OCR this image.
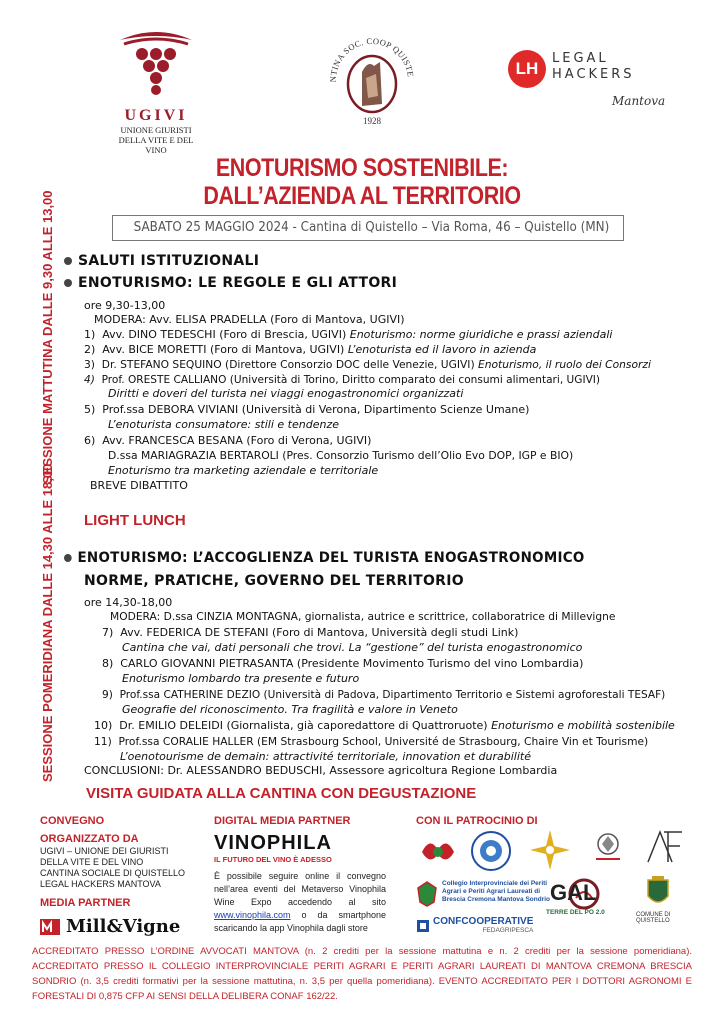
UGIVI
UNIONE GIURISTI
DELLA VITE E DEL VINO
NTINA SOC. COOP QUISTE
1928
LH
LEGAL
HACKERS
Mantova
ENOTURISMO SOSTENIBILE:
DALL’AZIENDA AL TERRITORIO
SABATO 25 MAGGIO 2024 - Cantina di Quistello – Via Roma, 46 – Quistello (MN)
SESSIONE MATTUTINA DALLE 9,30 ALLE 13,00
SESSIONE POMERIDIANA DALLE 14,30 ALLE 18,00
SALUTI ISTITUZIONALI
ENOTURISMO: LE REGOLE E GLI ATTORI
ore 9,30-13,00
MODERA: Avv. ELISA PRADELLA (Foro di Mantova, UGIVI)
1) Avv. DINO TEDESCHI (Foro di Brescia, UGIVI) Enoturismo: norme giuridiche e prassi aziendali
2) Avv. BICE MORETTI (Foro di Mantova, UGIVI) L’enoturista ed il lavoro in azienda
3) Dr. STEFANO SEQUINO (Direttore Consorzio DOC delle Venezie, UGIVI) Enoturismo, il ruolo dei Consorzi
4) Prof. ORESTE CALLIANO (Università di Torino, Diritto comparato dei consumi alimentari, UGIVI)
Diritti e doveri del turista nei viaggi enogastronomici organizzati
5) Prof.ssa DEBORA VIVIANI (Università di Verona, Dipartimento Scienze Umane)
L’enoturista consumatore: stili e tendenze
6) Avv. FRANCESCA BESANA (Foro di Verona, UGIVI)
D.ssa MARIAGRAZIA BERTAROLI (Pres. Consorzio Turismo dell’Olio Evo DOP, IGP e BIO)
Enoturismo tra marketing aziendale e territoriale
BREVE DIBATTITO
LIGHT LUNCH
ENOTURISMO: L’ACCOGLIENZA DEL TURISTA ENOGASTRONOMICO
NORME, PRATICHE, GOVERNO DEL TERRITORIO
ore 14,30-18,00
MODERA: D.ssa CINZIA MONTAGNA, giornalista, autrice e scrittrice, collaboratrice di Millevigne
7) Avv. FEDERICA DE STEFANI (Foro di Mantova, Università degli studi Link)
Cantina che vai, dati personali che trovi. La “gestione” del turista enogastronomico
8) CARLO GIOVANNI PIETRASANTA (Presidente Movimento Turismo del vino Lombardia)
Enoturismo lombardo tra presente e futuro
9) Prof.ssa CATHERINE DEZIO (Università di Padova, Dipartimento Territorio e Sistemi agroforestali TESAF)
Geografie del riconoscimento. Tra fragilità e valore in Veneto
10) Dr. EMILIO DELEIDI (Giornalista, già caporedattore di Quattroruote) Enoturismo e mobilità sostenibile
11) Prof.ssa CORALIE HALLER (EM Strasbourg School, Université de Strasbourg, Chaire Vin et Tourisme)
L’oenotourisme de demain: attractivité territoriale, innovation et durabilité
CONCLUSIONI: Dr. ALESSANDRO BEDUSCHI, Assessore agricoltura Regione Lombardia
VISITA GUIDATA ALLA CANTINA CON DEGUSTAZIONE
CONVEGNO
ORGANIZZATO DA
UGIVI – UNIONE DEI GIURISTI
DELLA VITE E DEL VINO
CANTINA SOCIALE DI QUISTELLO
LEGAL HACKERS MANTOVA
MEDIA PARTNER
Mill&Vigne
DIGITAL MEDIA PARTNER
VINOPHILA
IL FUTURO DEL VINO È ADESSO
È possibile seguire online il convegno nell’area eventi del Metaverso Vinophila Wine Expo accedendo al sito www.vinophila.com o da smartphone scaricando la app Vinophila dagli store
CON IL PATROCINIO DI
Collegio Interprovinciale dei Periti Agrari e Periti Agrari Laureati di Brescia Cremona Mantova Sondrio
CONFCOOPERATIVE
FEDAGRIPESCA
GAL
TERRE DEL PO 2.0	COMUNE DI QUISTELLO
ACCREDITATO PRESSO L’ORDINE AVVOCATI MANTOVA (n. 2 crediti per la sessione mattutina e n. 2 crediti per la sessione pomeridiana). ACCREDITATO PRESSO IL COLLEGIO INTERPROVINCIALE PERITI AGRARI E PERITI AGRARI LAUREATI DI MANTOVA CREMONA BRESCIA SONDRIO (n. 3,5 crediti formativi per la sessione mattutina, n. 3,5 per quella pomeridiana). EVENTO ACCREDITATO PER I DOTTORI AGRONOMI E FORESTALI DI 0,875 CFP AI SENSI DELLA DELIBERA CONAF 162/22.
